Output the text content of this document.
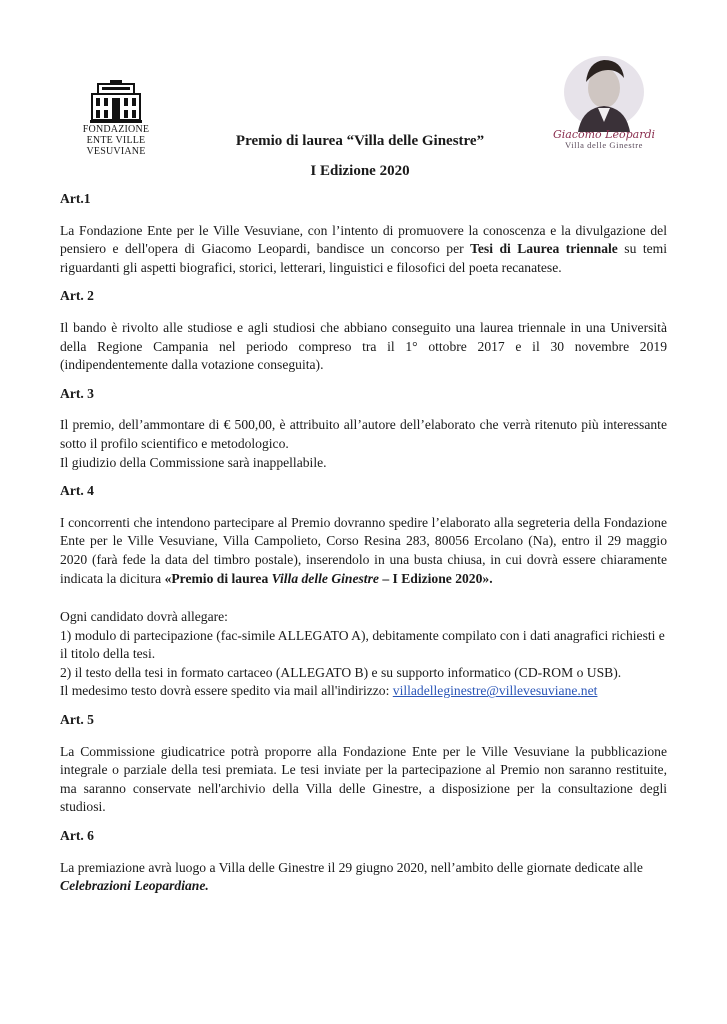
FONDAZIONE
ENTE VILLE VESUVIANE
Giacomo Leopardi
Villa delle Ginestre
Premio di laurea “Villa delle Ginestre”
I Edizione 2020
Art.1

La Fondazione Ente per le Ville Vesuviane, con l’intento di promuovere la conoscenza e la divulgazione del pensiero e dell'opera di Giacomo Leopardi, bandisce un concorso per Tesi di Laurea triennale su temi riguardanti gli aspetti biografici, storici, letterari, linguistici e filosofici del poeta recanatese.

Art. 2

Il bando è rivolto alle studiose e agli studiosi che abbiano conseguito una laurea triennale in una Università della Regione Campania nel periodo compreso tra il 1° ottobre 2017 e il 30 novembre 2019 (indipendentemente dalla votazione conseguita).

Art. 3

Il premio, dell’ammontare di € 500,00, è attribuito all’autore dell’elaborato che verrà ritenuto più interessante sotto il profilo scientifico e metodologico.

Il giudizio della Commissione sarà inappellabile.

Art. 4

I concorrenti che intendono partecipare al Premio dovranno spedire l’elaborato alla segreteria della Fondazione Ente per le Ville Vesuviane, Villa Campolieto, Corso Resina 283, 80056 Ercolano (Na), entro il 29 maggio 2020 (farà fede la data del timbro postale), inserendolo in una busta chiusa, in cui dovrà essere chiaramente indicata la dicitura «Premio di laurea Villa delle Ginestre – I Edizione 2020».

Ogni candidato dovrà allegare:

1) modulo di partecipazione (fac-simile ALLEGATO A), debitamente compilato con i dati anagrafici richiesti e il titolo della tesi.

2) il testo della tesi in formato cartaceo (ALLEGATO B) e su supporto informatico (CD-ROM o USB).

Il medesimo testo dovrà essere spedito via mail all'indirizzo: villadelleginestre@villevesuviane.net

Art. 5

La Commissione giudicatrice potrà proporre alla Fondazione Ente per le Ville Vesuviane la pubblicazione integrale o parziale della tesi premiata. Le tesi inviate per la partecipazione al Premio non saranno restituite, ma saranno conservate nell'archivio della Villa delle Ginestre, a disposizione per la consultazione degli studiosi.

Art. 6

La premiazione avrà luogo a Villa delle Ginestre il 29 giugno 2020, nell’ambito delle giornate dedicate alle Celebrazioni Leopardiane.
